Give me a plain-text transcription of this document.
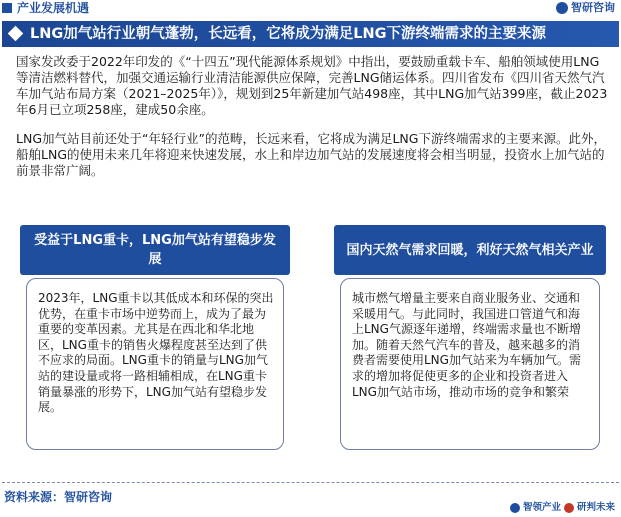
产业发展机遇	智研咨询
LNG加气站行业朝气蓬勃，长远看，它将成为满足LNG下游终端需求的主要来源
国家发改委于2022年印发的《“十四五”现代能源体系规划》中指出，要鼓励重载卡车、船舶领域使用LNG等清洁燃料替代，加强交通运输行业清洁能源供应保障，完善LNG储运体系。四川省发布《四川省天然气汽车加气站布局方案（2021–2025年）》，规划到25年新建加气站498座，其中LNG加气站399座，截止2023年6月已立项258座，建成50余座。
LNG加气站目前还处于“年轻行业”的范畴，长远来看，它将成为满足LNG下游终端需求的主要来源。此外，船舶LNG的使用未来几年将迎来快速发展，水上和岸边加气站的发展速度将会相当明显，投资水上加气站的前景非常广阔。
受益于LNG重卡，LNG加气站有望稳步发展
2023年，LNG重卡以其低成本和环保的突出优势，在重卡市场中逆势而上，成为了最为重要的变革因素。尤其是在西北和华北地区，LNG重卡的销售火爆程度甚至达到了供不应求的局面。LNG重卡的销量与LNG加气站的建设量或将一路相辅相成，在LNG重卡销量暴涨的形势下，LNG加气站有望稳步发展。
国内天然气需求回暖，利好天然气相关产业
城市燃气增量主要来自商业服务业、交通和采暖用气。与此同时，我国进口管道气和海上LNG气源逐年递增，终端需求量也不断增加。随着天然气汽车的普及，越来越多的消费者需要使用LNG加气站来为车辆加气。需求的增加将促使更多的企业和投资者进入LNG加气站市场，推动市场的竞争和繁荣
资料来源：智研咨询
智领产业 研判未来
